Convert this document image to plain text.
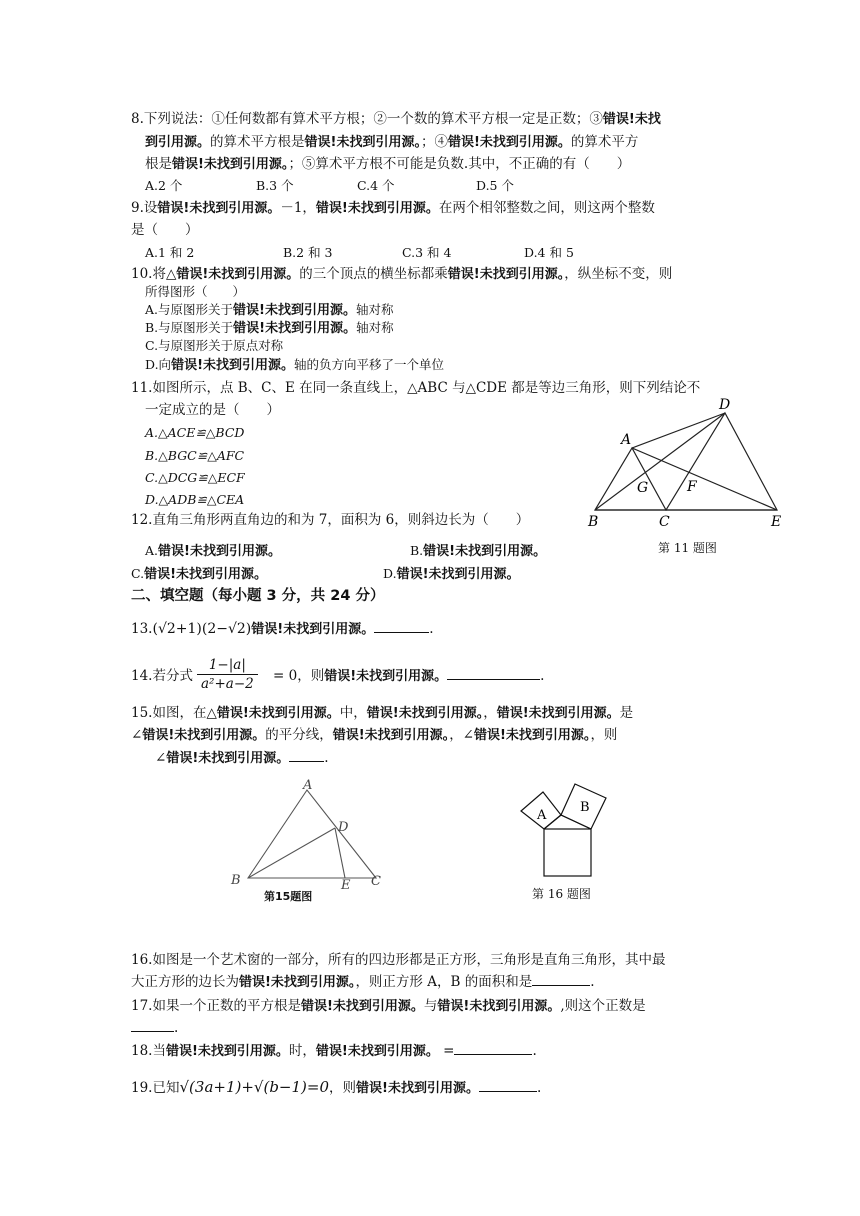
8.下列说法：①任何数都有算术平方根；②一个数的算术平方根一定是正数；③错误!未找
到引用源。的算术平方根是错误!未找到引用源。；④错误!未找到引用源。的算术平方
根是错误!未找到引用源。；⑤算术平方根不可能是负数.其中，不正确的有（　　）
A.2 个	B.3 个	C.4 个	D.5 个
9.设错误!未找到引用源。－1，错误!未找到引用源。在两个相邻整数之间，则这两个整数
是（　　）
A.1 和 2	B.2 和 3	C.3 和 4	D.4 和 5
10.将△错误!未找到引用源。的三个顶点的横坐标都乘错误!未找到引用源。，纵坐标不变，则
所得图形（　　）
A.与原图形关于错误!未找到引用源。轴对称
B.与原图形关于错误!未找到引用源。轴对称
C.与原图形关于原点对称
D.向错误!未找到引用源。轴的负方向平移了一个单位
11.如图所示，点 B、C、E 在同一条直线上，△ABC 与△CDE 都是等边三角形，则下列结论不
一定成立的是（　　）
A.△ACE≌△BCD
B.△BGC≌△AFC
C.△DCG≌△ECF
D.△ADB≌△CEA
A
B	C
D
E
F
G
第 11 题图
12.直角三角形两直角边的和为 7，面积为 6，则斜边长为（　　）
A.错误!未找到引用源。	B.错误!未找到引用源。
C.错误!未找到引用源。	D.错误!未找到引用源。
二、填空题（每小题 3 分，共 24 分）
13.(√2+1)(2−√2)错误!未找到引用源。	.
14.若分式 $\frac{1-|a|}{\text{a²+a−2}} = 0$，则错误!未找到引用源。	.
15.如图，在△错误!未找到引用源。中，错误!未找到引用源。，错误!未找到引用源。是
∠错误!未找到引用源。的平分线，错误!未找到引用源。，∠错误!未找到引用源。，则
∠错误!未找到引用源。	.
A
B	C
D
E
第15题图
A
B
第 16 题图
16.如图是一个艺术窗的一部分，所有的四边形都是正方形，三角形是直角三角形，其中最
大正方形的边长为错误!未找到引用源。，则正方形 A，B 的面积和是	.
17.如果一个正数的平方根是错误!未找到引用源。与错误!未找到引用源。,则这个正数是
.
18.当错误!未找到引用源。时，错误!未找到引用源。 =	.
19.已知√(3a+1)+√(b−1)=0，则错误!未找到引用源。	.
